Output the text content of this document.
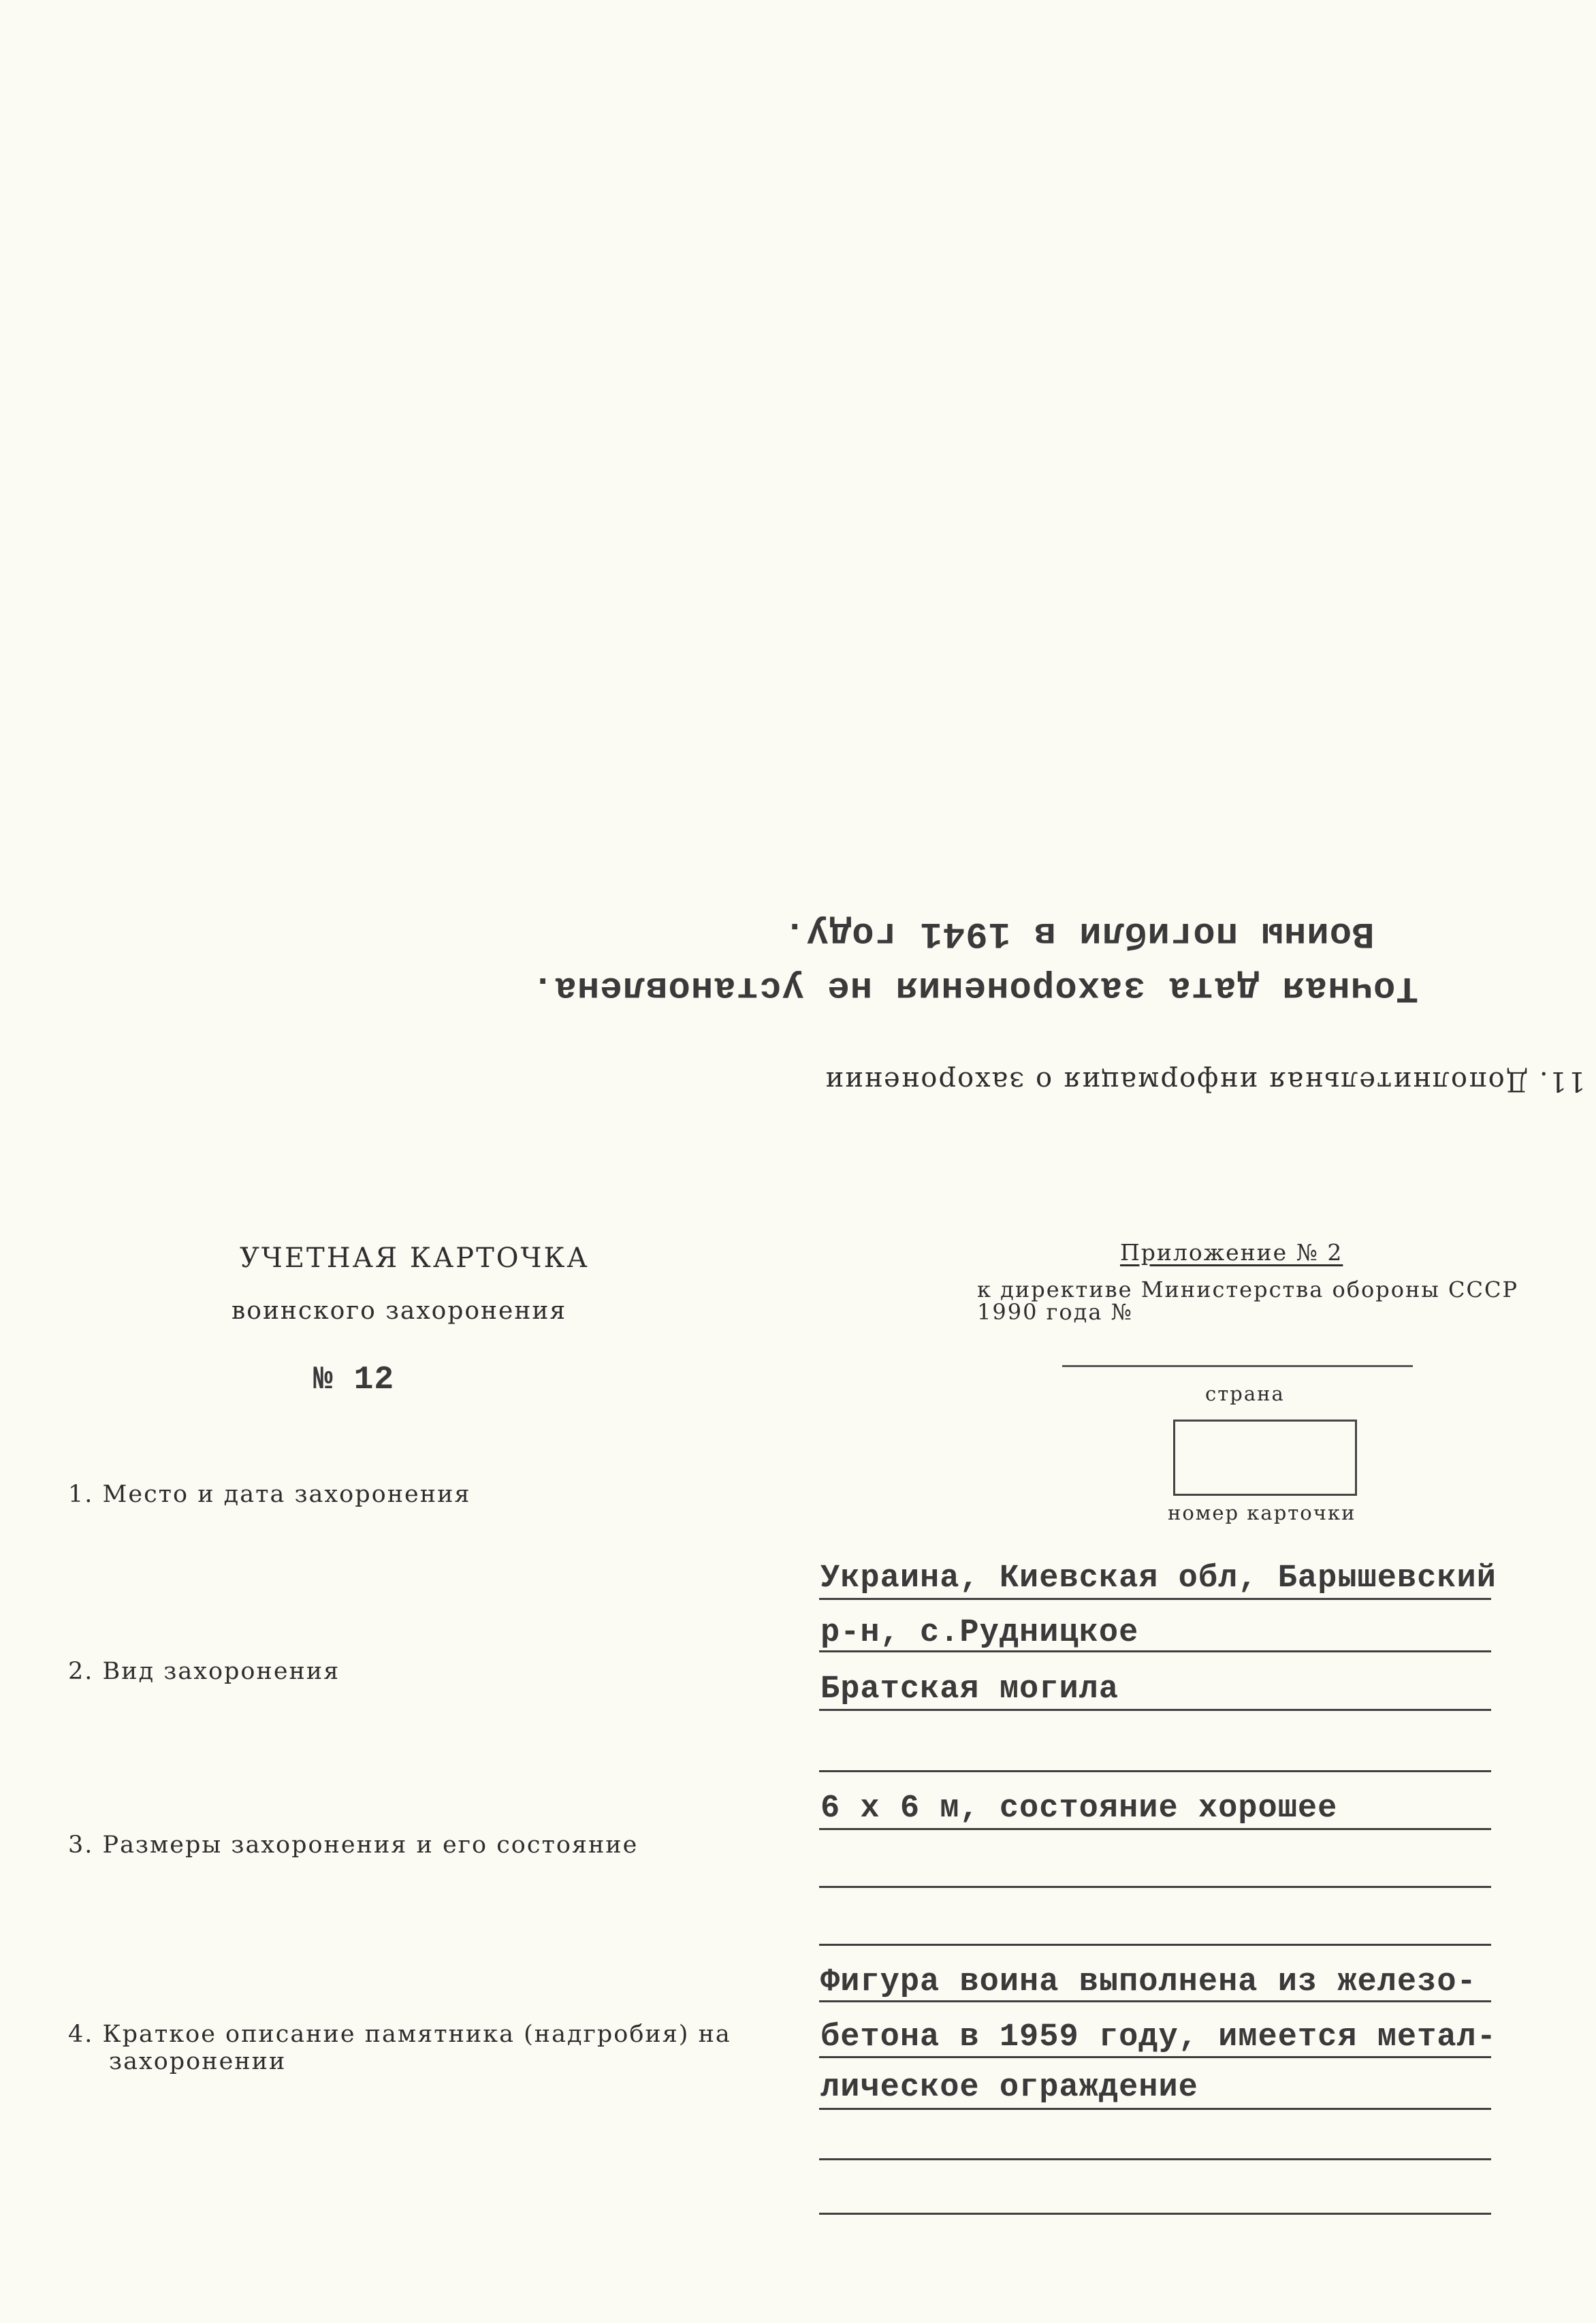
11. Дополнительная информация о захоронении
Точная дата захоронения не установлена.
Воины погибли в 1941 году.
Приложение № 2
к директиве Министерства обороны СССР
1990 года №
УЧЕТНАЯ КАРТОЧКА
воинского захоронения
№ 12	страна
номер карточки
1. Место и дата захоронения
2. Вид захоронения
3. Размеры захоронения и его состояние
4. Краткое описание памятника (надгробия) на
захоронении
Украина, Киевская обл, Барышевский
р-н, с.Рудницкое
Братская могила
6 х 6 м, состояние хорошее
Фигура воина выполнена из железо-
бетона в 1959 году, имеется метал-
лическое ограждение
